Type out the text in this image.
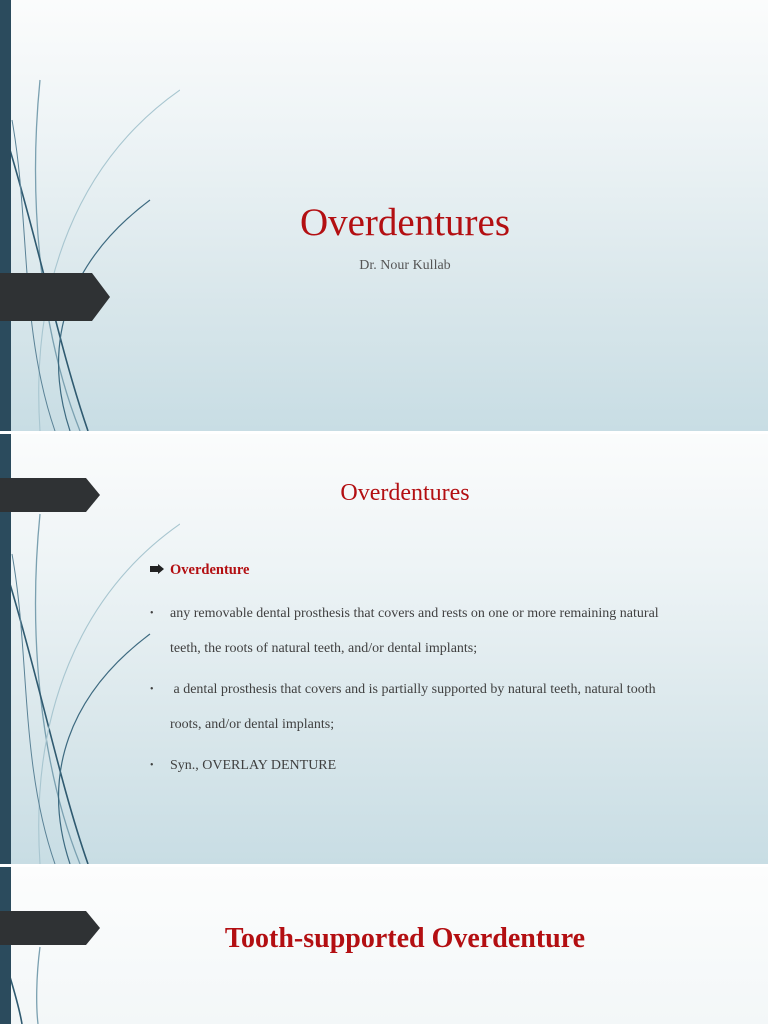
Overdentures
Dr. Nour Kullab
Overdentures
Overdenture
•	any removable dental prosthesis that covers and rests on one or more remaining natural teeth, the roots of natural teeth, and/or dental implants;
•	a dental prosthesis that covers and is partially supported by natural teeth, natural tooth roots, and/or dental implants;
•	Syn., OVERLAY DENTURE
Tooth-supported Overdenture
